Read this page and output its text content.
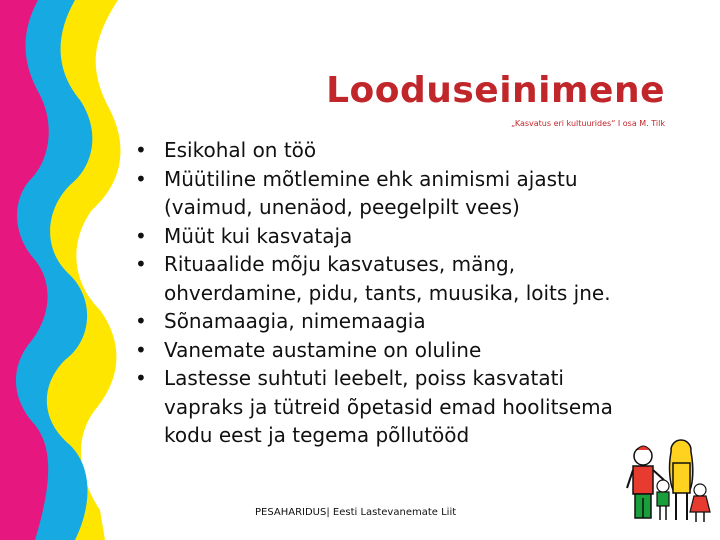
Looduseinimene
„Kasvatus eri kultuurides“ I osa M. Tilk
• Esikohal on töö
• Müütiline mõtlemine ehk animismi ajastu
(vaimud, unenäod, peegelpilt vees)
• Müüt kui kasvataja
• Rituaalide mõju kasvatuses, mäng,
ohverdamine, pidu, tants, muusika, loits jne.
• Sõnamaagia, nimemaagia
• Vanemate austamine on oluline
• Lastesse suhtuti leebelt, poiss kasvatati
vapraks ja tütreid õpetasid emad hoolitsema
kodu eest ja tegema põllutööd
PESAHARIDUS| Eesti Lastevanemate Liit
